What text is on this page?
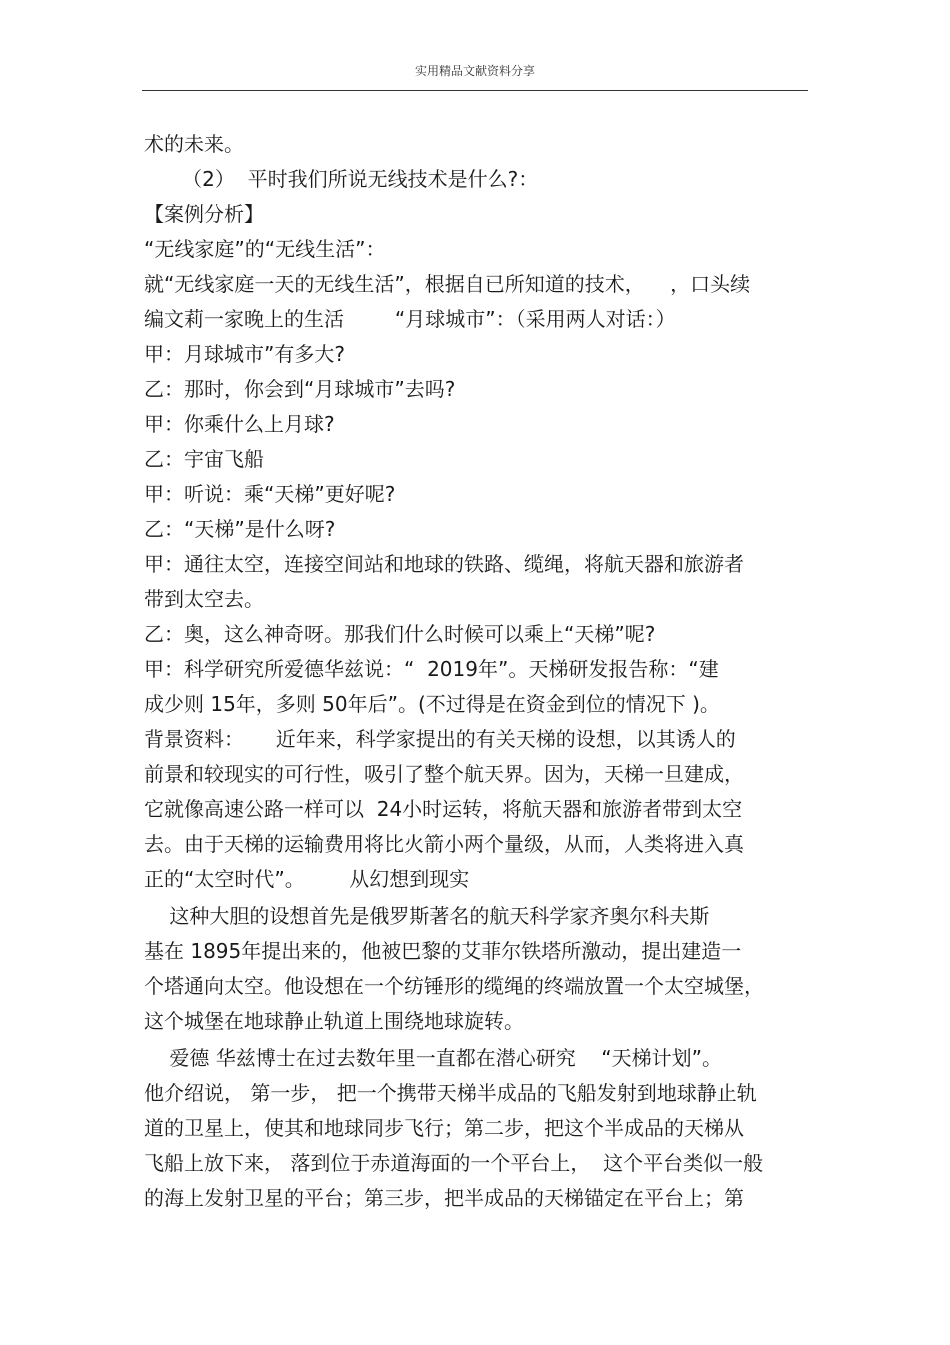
实用精品文献资料分享
术的未来。
（2）  平时我们所说无线技术是什么?：
【案例分析】
“无线家庭”的“无线生活”：
就“无线家庭一天的无线生活”，根据自已所知道的技术，    ，口头续
编文莉一家晚上的生活        “月球城市”：（采用两人对话：）
甲：月球城市”有多大?
乙：那时，你会到“月球城市”去吗?
甲：你乘什么上月球?
乙：宇宙飞船
甲：听说：乘“天梯”更好呢?
乙：“天梯”是什么呀?
甲：通往太空，连接空间站和地球的铁路、缆绳，将航天器和旅游者
带到太空去。
乙：奥，这么神奇呀。那我们什么时候可以乘上“天梯”呢?
甲：科学研究所爱德华兹说：“  2019年”。天梯研发报告称：“建
成少则 15年，多则 50年后”。(不过得是在资金到位的情况下 )。
背景资料：     近年来，科学家提出的有关天梯的设想，以其诱人的
前景和较现实的可行性，吸引了整个航天界。因为，天梯一旦建成，
它就像高速公路一样可以  24小时运转，将航天器和旅游者带到太空
去。由于天梯的运输费用将比火箭小两个量级，从而，人类将进入真
正的“太空时代”。       从幻想到现实
这种大胆的设想首先是俄罗斯著名的航天科学家齐奥尔科夫斯
基在 1895年提出来的，他被巴黎的艾菲尔铁塔所激动，提出建造一
个塔通向太空。他设想在一个纺锤形的缆绳的终端放置一个太空城堡，
这个城堡在地球静止轨道上围绕地球旋转。
爱德 华兹博士在过去数年里一直都在潜心研究    “天梯计划”。
他介绍说， 第一步， 把一个携带天梯半成品的飞船发射到地球静止轨
道的卫星上，使其和地球同步飞行；第二步，把这个半成品的天梯从
飞船上放下来， 落到位于赤道海面的一个平台上，  这个平台类似一般
的海上发射卫星的平台；第三步，把半成品的天梯锚定在平台上；第
